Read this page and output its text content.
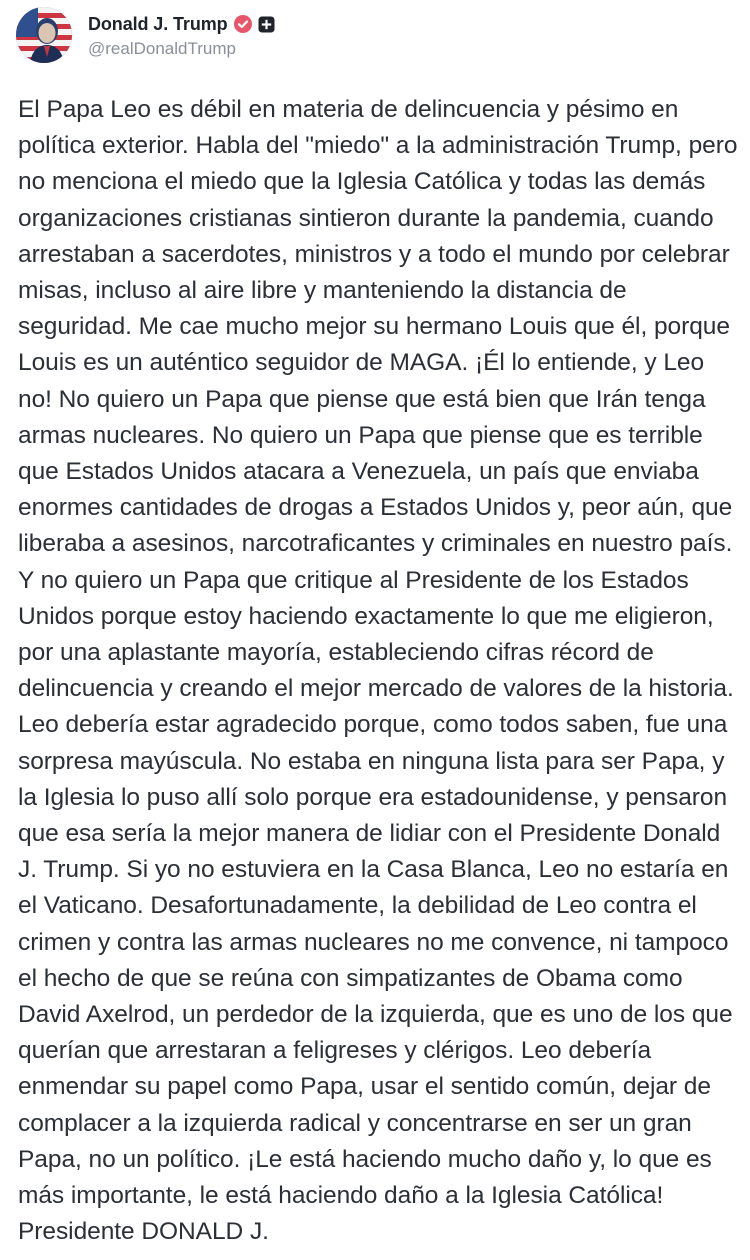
Donald J. Trump
@realDonaldTrump
El Papa Leo es débil en materia de delincuencia y pésimo en política exterior. Habla del "miedo" a la administración Trump, pero no menciona el miedo que la Iglesia Católica y todas las demás organizaciones cristianas sintieron durante la pandemia, cuando arrestaban a sacerdotes, ministros y a todo el mundo por celebrar misas, incluso al aire libre y manteniendo la distancia de seguridad. Me cae mucho mejor su hermano Louis que él, porque Louis es un auténtico seguidor de MAGA. ¡Él lo entiende, y Leo no! No quiero un Papa que piense que está bien que Irán tenga armas nucleares. No quiero un Papa que piense que es terrible que Estados Unidos atacara a Venezuela, un país que enviaba enormes cantidades de drogas a Estados Unidos y, peor aún, que liberaba a asesinos, narcotraficantes y criminales en nuestro país. Y no quiero un Papa que critique al Presidente de los Estados Unidos porque estoy haciendo exactamente lo que me eligieron, por una aplastante mayoría, estableciendo cifras récord de delincuencia y creando el mejor mercado de valores de la historia. Leo debería estar agradecido porque, como todos saben, fue una sorpresa mayúscula. No estaba en ninguna lista para ser Papa, y la Iglesia lo puso allí solo porque era estadounidense, y pensaron que esa sería la mejor manera de lidiar con el Presidente Donald J. Trump. Si yo no estuviera en la Casa Blanca, Leo no estaría en el Vaticano. Desafortunadamente, la debilidad de Leo contra el crimen y contra las armas nucleares no me convence, ni tampoco el hecho de que se reúna con simpatizantes de Obama como David Axelrod, un perdedor de la izquierda, que es uno de los que querían que arrestaran a feligreses y clérigos. Leo debería enmendar su papel como Papa, usar el sentido común, dejar de complacer a la izquierda radical y concentrarse en ser un gran Papa, no un político. ¡Le está haciendo mucho daño y, lo que es más importante, le está haciendo daño a la Iglesia Católica! Presidente DONALD J.
